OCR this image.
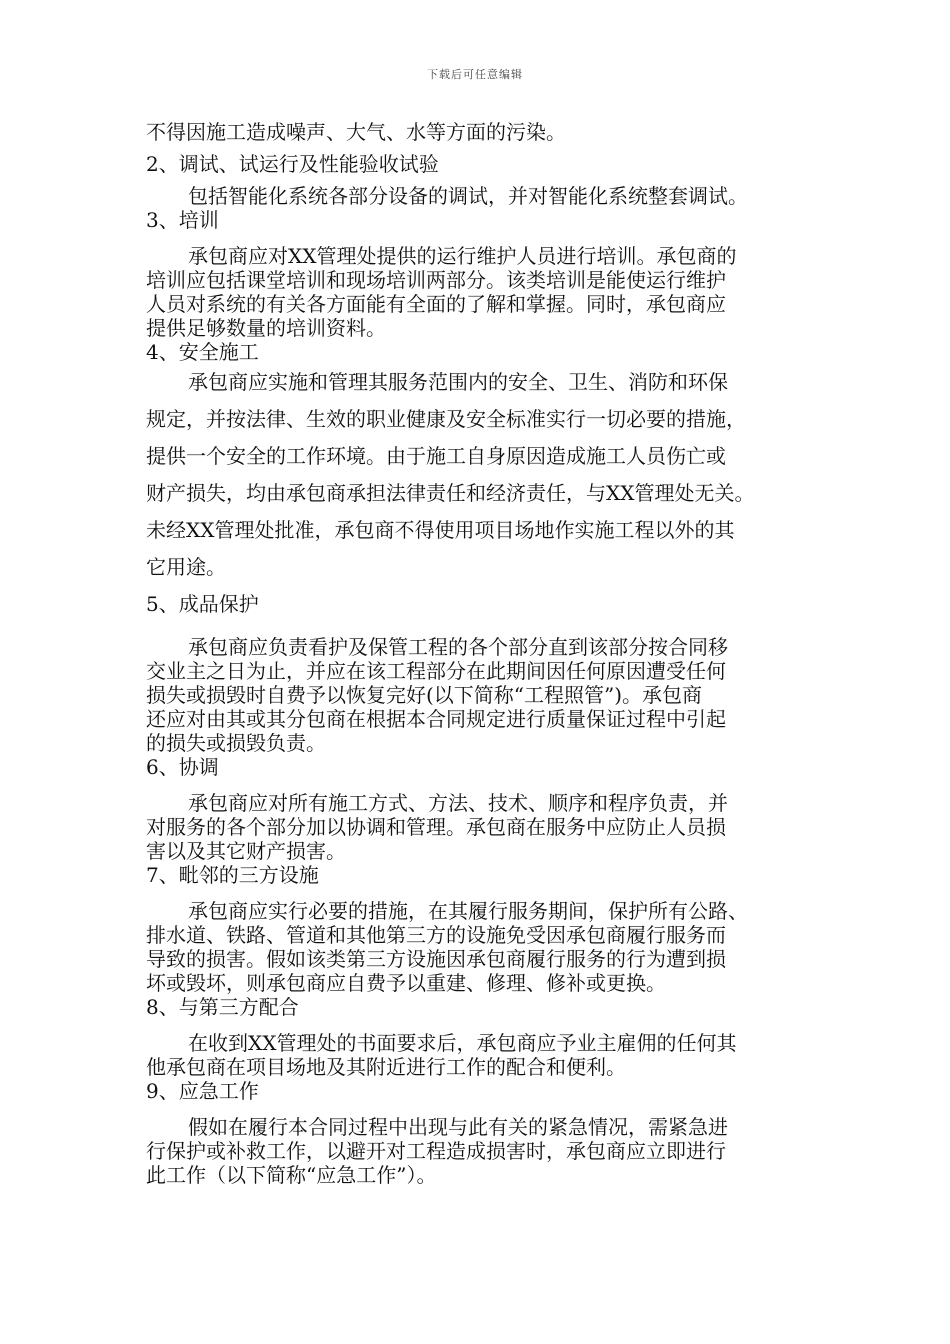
下载后可任意编辑
不得因施工造成噪声、大气、水等方面的污染。
2、调试、试运行及性能验收试验
包括智能化系统各部分设备的调试，并对智能化系统整套调试。
3、培训
承包商应对XX管理处提供的运行维护人员进行培训。承包商的
培训应包括课堂培训和现场培训两部分。该类培训是能使运行维护
人员对系统的有关各方面能有全面的了解和掌握。同时，承包商应
提供足够数量的培训资料。
4、安全施工
承包商应实施和管理其服务范围内的安全、卫生、消防和环保
规定，并按法律、生效的职业健康及安全标准实行一切必要的措施，
提供一个安全的工作环境。由于施工自身原因造成施工人员伤亡或
财产损失，均由承包商承担法律责任和经济责任，与XX管理处无关。
未经XX管理处批准，承包商不得使用项目场地作实施工程以外的其
它用途。
5、成品保护
承包商应负责看护及保管工程的各个部分直到该部分按合同移
交业主之日为止，并应在该工程部分在此期间因任何原因遭受任何
损失或损毁时自费予以恢复完好(以下简称“工程照管”)。承包商
还应对由其或其分包商在根据本合同规定进行质量保证过程中引起
的损失或损毁负责。
6、协调
承包商应对所有施工方式、方法、技术、顺序和程序负责，并
对服务的各个部分加以协调和管理。承包商在服务中应防止人员损
害以及其它财产损害。
7、毗邻的三方设施
承包商应实行必要的措施，在其履行服务期间，保护所有公路、
排水道、铁路、管道和其他第三方的设施免受因承包商履行服务而
导致的损害。假如该类第三方设施因承包商履行服务的行为遭到损
坏或毁坏，则承包商应自费予以重建、修理、修补或更换。
8、与第三方配合
在收到XX管理处的书面要求后，承包商应予业主雇佣的任何其
他承包商在项目场地及其附近进行工作的配合和便利。
9、应急工作
假如在履行本合同过程中出现与此有关的紧急情况，需紧急进
行保护或补救工作，以避开对工程造成损害时，承包商应立即进行
此工作（以下简称“应急工作”）。
